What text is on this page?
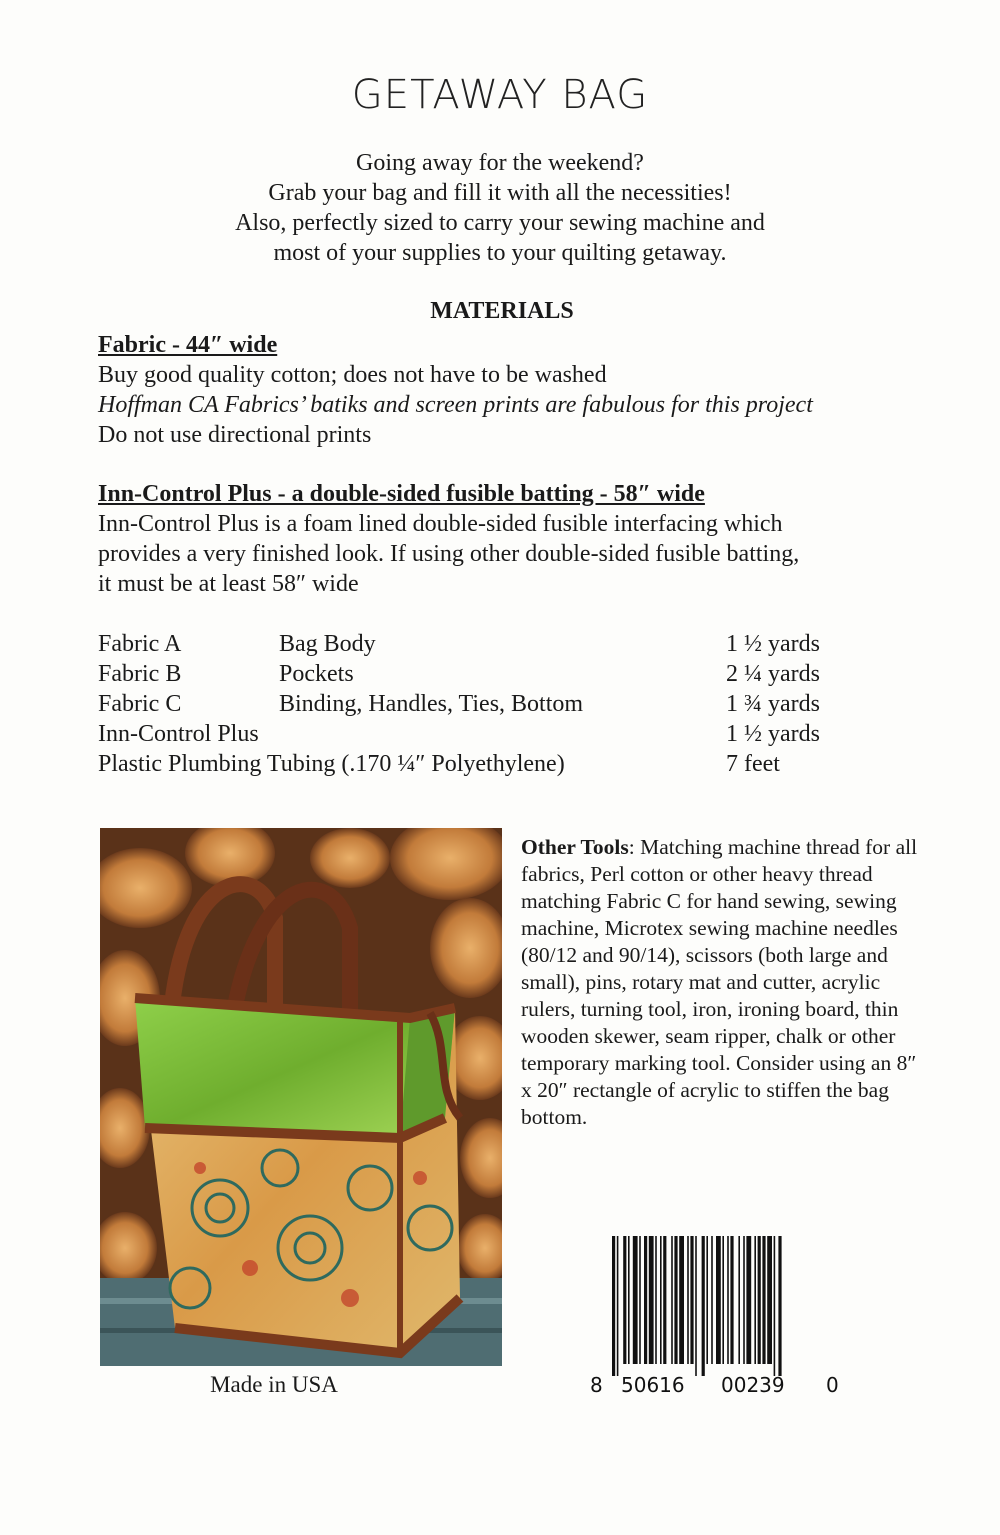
GETAWAY BAG
Going away for the weekend?
Grab your bag and fill it with all the necessities!
Also, perfectly sized to carry your sewing machine and
most of your supplies to your quilting getaway.
MATERIALS
Fabric - 44″ wide
Buy good quality cotton; does not have to be washed
Hoffman CA Fabrics’ batiks and screen prints are fabulous for this project
Do not use directional prints
Inn-Control Plus - a double-sided fusible batting - 58″ wide
Inn-Control Plus is a foam lined double-sided fusible interfacing which
provides a very finished look. If using other double-sided fusible batting,
it must be at least 58″ wide
Fabric A	Bag Body	1 ½ yards
Fabric B	Pockets	2 ¼ yards
Fabric C	Binding, Handles, Ties, Bottom	1 ¾ yards
Inn-Control Plus	1 ½ yards
Plastic Plumbing Tubing (.170 ¼″ Polyethylene)	7 feet
Made in USA
Other Tools: Matching machine thread for all fabrics, Perl cotton or other heavy thread matching Fabric C for hand sewing, sewing machine, Microtex sewing machine needles (80/12 and 90/14), scissors (both large and small), pins, rotary mat and cutter, acrylic rulers, turning tool, iron, ironing board, thin wooden skewer, seam ripper, chalk or other temporary marking tool. Consider using an 8″ x 20″ rectangle of acrylic to stiffen the bag bottom.
8 50616 00239 0
